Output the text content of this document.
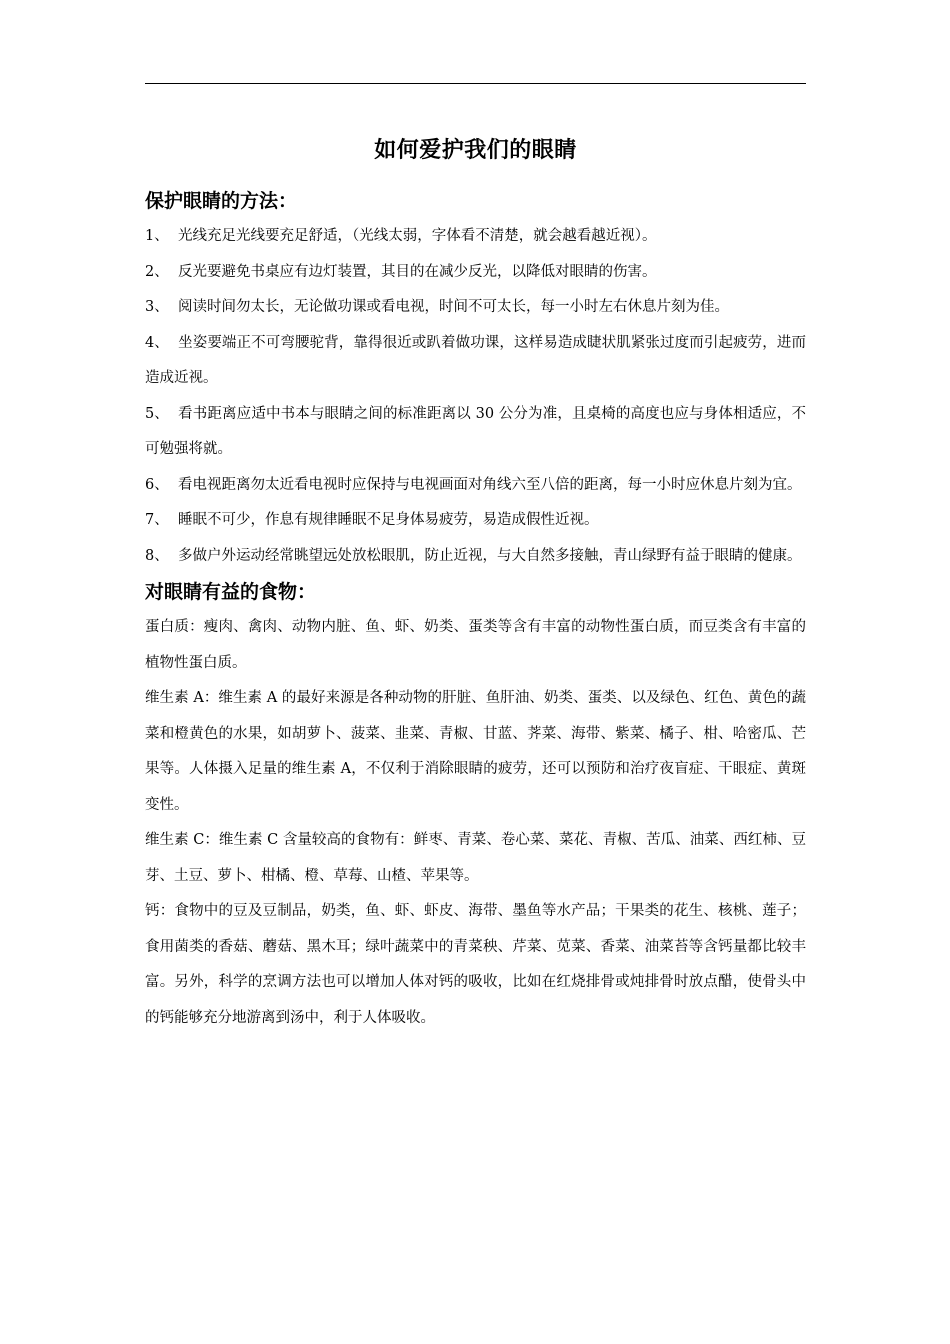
如何爱护我们的眼睛
保护眼睛的方法：

1、 光线充足光线要充足舒适，（光线太弱，字体看不清楚，就会越看越近视）。

2、 反光要避免书桌应有边灯装置，其目的在减少反光，以降低对眼睛的伤害。

3、 阅读时间勿太长，无论做功课或看电视，时间不可太长，每一小时左右休息片刻为佳。

4、 坐姿要端正不可弯腰驼背，靠得很近或趴着做功课，这样易造成睫状肌紧张过度而引起疲劳，进而造成近视。

5、 看书距离应适中书本与眼睛之间的标准距离以 30 公分为准，且桌椅的高度也应与身体相适应，不可勉强将就。

6、 看电视距离勿太近看电视时应保持与电视画面对角线六至八倍的距离，每一小时应休息片刻为宜。

7、 睡眠不可少，作息有规律睡眠不足身体易疲劳，易造成假性近视。

8、 多做户外运动经常眺望远处放松眼肌，防止近视，与大自然多接触，青山绿野有益于眼睛的健康。

对眼睛有益的食物：

蛋白质：瘦肉、禽肉、动物内脏、鱼、虾、奶类、蛋类等含有丰富的动物性蛋白质，而豆类含有丰富的植物性蛋白质。

维生素 A：维生素 A 的最好来源是各种动物的肝脏、鱼肝油、奶类、蛋类、以及绿色、红色、黄色的蔬菜和橙黄色的水果，如胡萝卜、菠菜、韭菜、青椒、甘蓝、荠菜、海带、紫菜、橘子、柑、哈密瓜、芒果等。人体摄入足量的维生素 A，不仅利于消除眼睛的疲劳，还可以预防和治疗夜盲症、干眼症、黄斑变性。

维生素 C：维生素 C 含量较高的食物有：鲜枣、青菜、卷心菜、菜花、青椒、苦瓜、油菜、西红柿、豆芽、土豆、萝卜、柑橘、橙、草莓、山楂、苹果等。

钙：食物中的豆及豆制品，奶类，鱼、虾、虾皮、海带、墨鱼等水产品；干果类的花生、核桃、莲子；食用菌类的香菇、蘑菇、黑木耳；绿叶蔬菜中的青菜秧、芹菜、苋菜、香菜、油菜苔等含钙量都比较丰富。另外，科学的烹调方法也可以增加人体对钙的吸收，比如在红烧排骨或炖排骨时放点醋，使骨头中的钙能够充分地游离到汤中，利于人体吸收。
